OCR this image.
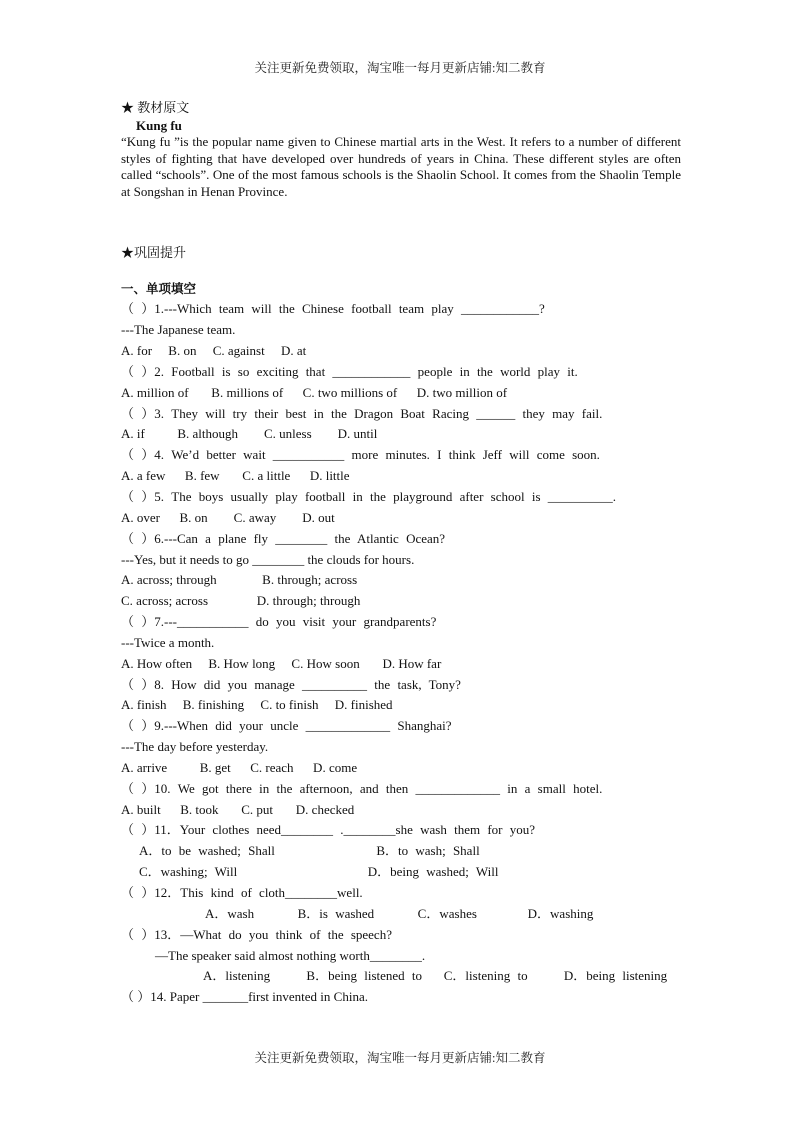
关注更新免费领取，淘宝唯一每月更新店铺:知二教育

★ 教材原文

Kung fu

“Kung fu ”is the popular name given to Chinese martial arts in the West. It refers to a number of different styles of fighting that have developed over hundreds of years in China. These different styles are often called “schools”. One of the most famous schools is the Shaolin School. It comes from the Shaolin Temple at Songshan in Henan Province.

★巩固提升

一、单项填空

（ ）1.---Which team will the Chinese football team play ____________?

---The Japanese team.

A. for     B. on     C. against     D. at

（ ）2. Football is so exciting that ____________ people in the world play it.

A. million of       B. millions of      C. two millions of      D. two million of

（ ）3. They will try their best in the Dragon Boat Racing ______ they may fail.

A. if          B. although        C. unless        D. until

（ ）4. We’d better wait ___________ more minutes. I think Jeff will come soon.

A. a few      B. few       C. a little      D. little

（ ）5. The boys usually play football in the playground after school is __________.

A. over      B. on        C. away        D. out

（ ）6.---Can a plane fly ________ the Atlantic Ocean?

---Yes, but it needs to go ________ the clouds for hours.

A. across; through              B. through; across

C. across; across               D. through; through

（ ）7.---___________ do you visit your grandparents?

---Twice a month.

A. How often     B. How long     C. How soon       D. How far

（ ）8. How did you manage __________ the task, Tony?

A. finish     B. finishing     C. to finish     D. finished

（ ）9.---When did your uncle _____________ Shanghai?

---The day before yesterday.

A. arrive          B. get      C. reach      D. come

（ ）10. We got there in the afternoon, and then _____________ in a small hotel.

A. built      B. took       C. put       D. checked

（ ）11．Your clothes need________ .________she wash them for you?

A．to be washed; Shall              B．to wash; Shall

C．washing; Will                  D．being washed; Will

（ ）12．This kind of cloth________well.

A．wash      B．is washed      C．washes       D．washing

（ ）13．—What do you think of the speech?

—The speaker said almost nothing worth________.

A．listening     B．being listened to   C．listening to     D．being listening

（ ）14. Paper _______first invented in China.

关注更新免费领取，淘宝唯一每月更新店铺:知二教育
